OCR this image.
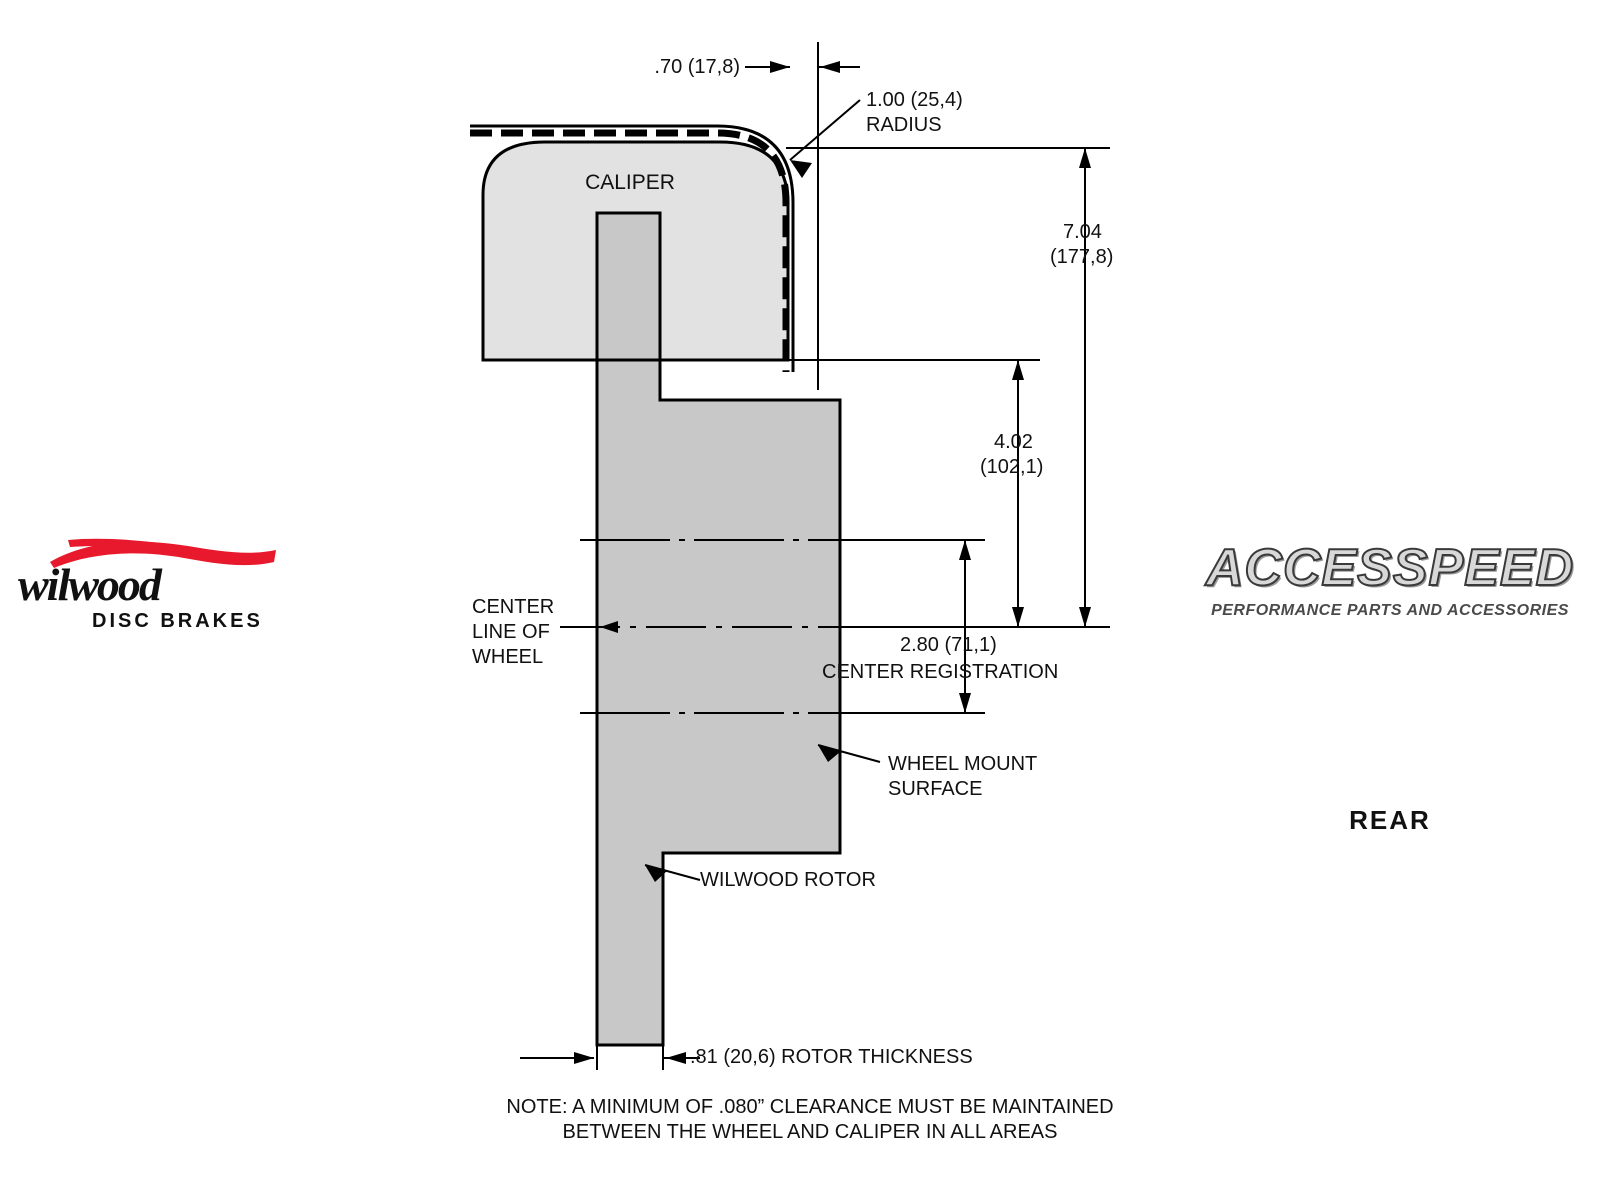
.70 (17,8)
1.00 (25,4)
RADIUS
CALIPER
7.04
(177,8)
4.02
(102,1)
CENTER
LINE OF
WHEEL
2.80 (71,1)
CENTER REGISTRATION
WHEEL MOUNT
SURFACE
WILWOOD ROTOR
.81 (20,6) ROTOR THICKNESS
NOTE: A MINIMUM OF .080” CLEARANCE MUST BE MAINTAINED
BETWEEN THE WHEEL AND CALIPER IN ALL AREAS
wilwood
DISC BRAKES
ACCESSPEED
PERFORMANCE PARTS AND ACCESSORIES
REAR
